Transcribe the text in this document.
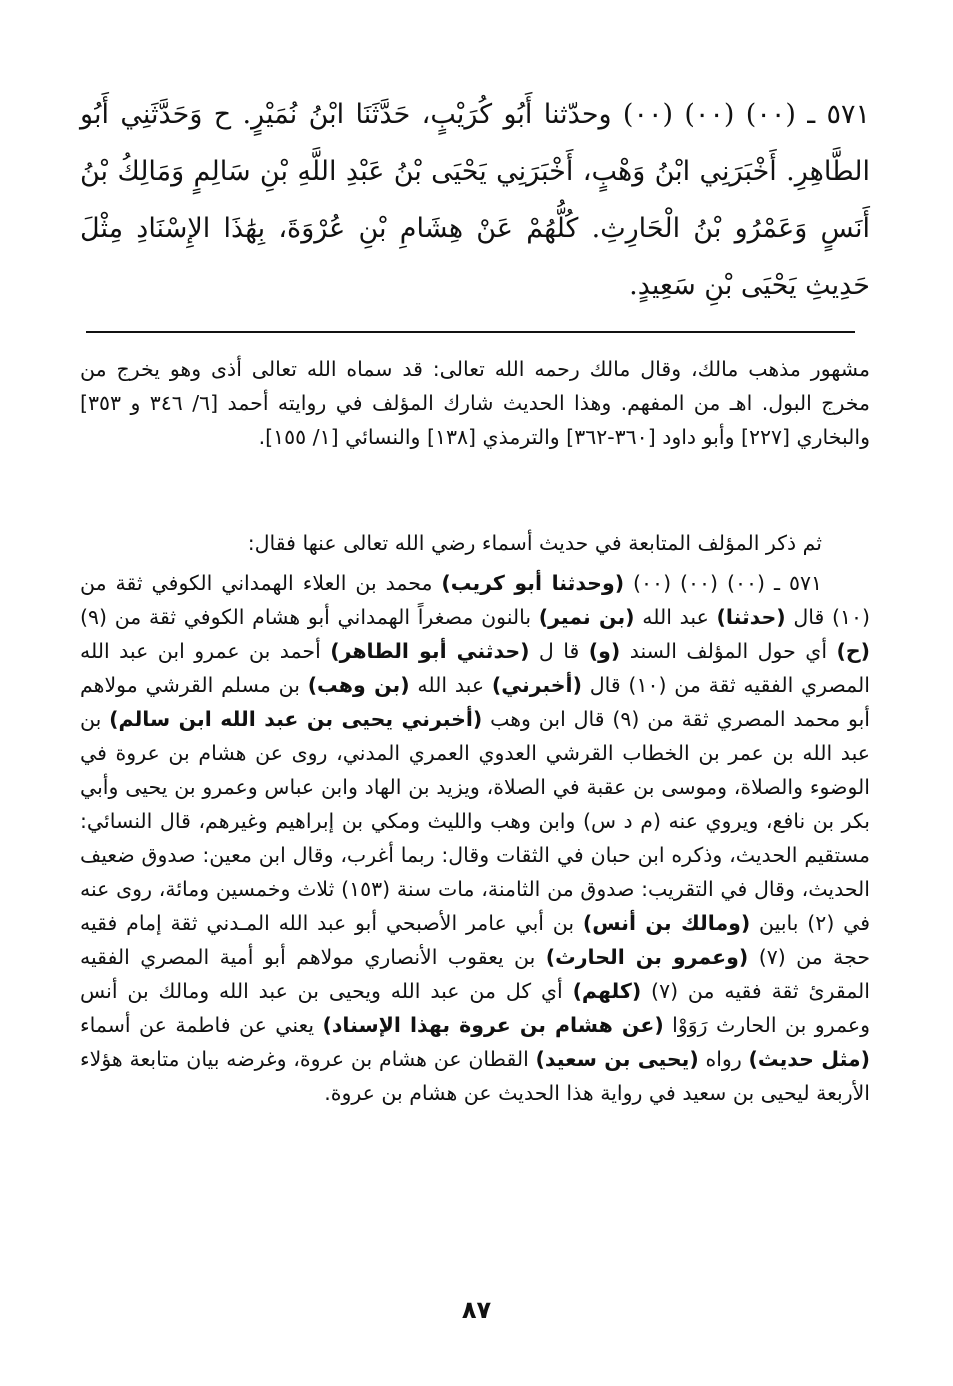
٥٧١ ـ (٠٠) (٠٠) (٠٠) وحدّثنا أَبُو كُرَيْبٍ، حَدَّثَنَا ابْنُ نُمَيْرٍ. ح وَحَدَّثَنِي أَبُو الطَّاهِرِ. أَخْبَرَنِي ابْنُ وَهْبٍ، أَخْبَرَنِي يَحْيَى بْنُ عَبْدِ اللَّهِ بْنِ سَالِمٍ وَمَالِكُ بْنُ أَنَسٍ وَعَمْرُو بْنُ الْحَارِثِ. كُلُّهُمْ عَنْ هِشَامِ بْنِ عُرْوَةَ، بِهَٰذَا الإِسْنَادِ مِثْلَ حَدِيثِ يَحْيَى بْنِ سَعِيدٍ.
مشهور مذهب مالك، وقال مالك رحمه الله تعالى: قد سماه الله تعالى أذى وهو يخرج من مخرج البول. اهـ من المفهم. وهذا الحديث شارك المؤلف في روايته أحمد [٦/ ٣٤٦ و ٣٥٣] والبخاري [٢٢٧] وأبو داود [٣٦٠-٣٦٢] والترمذي [١٣٨] والنسائي [١/ ١٥٥].
ثم ذكر المؤلف المتابعة في حديث أسماء رضي الله تعالى عنها فقال:
٥٧١ ـ (٠٠) (٠٠) (٠٠) (وحدثنا أبو كريب) محمد بن العلاء الهمداني الكوفي ثقة من (١٠) قال (حدثنا) عبد الله (بن نمير) بالنون مصغراً الهمداني أبو هشام الكوفي ثقة من (٩) (ح) أي حول المؤلف السند (و) قا ل (حدثني أبو الطاهر) أحمد بن عمرو ابن عبد الله المصري الفقيه ثقة من (١٠) قال (أخبرني) عبد الله (بن وهب) بن مسلم القرشي مولاهم أبو محمد المصري ثقة من (٩) قال ابن وهب (أخبرني يحيى بن عبد الله ابن سالم) بن عبد الله بن عمر بن الخطاب القرشي العدوي العمري المدني، روى عن هشام بن عروة في الوضوء والصلاة، وموسى بن عقبة في الصلاة، ويزيد بن الهاد وابن عباس وعمرو بن يحيى وأبي بكر بن نافع، ويروي عنه (م د س) وابن وهب والليث ومكي بن إبراهيم وغيرهم، قال النسائي: مستقيم الحديث، وذكره ابن حبان في الثقات وقال: ربما أغرب، وقال ابن معين: صدوق ضعيف الحديث، وقال في التقريب: صدوق من الثامنة، مات سنة (١٥٣) ثلاث وخمسين ومائة، روى عنه في (٢) بابين (ومالك بن أنس) بن أبي عامر الأصبحي أبو عبد الله المـدني ثقة إمام فقيه حجة من (٧) (وعمرو بن الحارث) بن يعقوب الأنصاري مولاهم أبو أمية المصري الفقيه المقرئ ثقة فقيه من (٧) (كلهم) أي كل من عبد الله ويحيى بن عبد الله ومالك بن أنس وعمرو بن الحارث رَوَوْا (عن هشام بن عروة بهذا الإسناد) يعني عن فاطمة عن أسماء (مثل حديث) رواه (يحيى بن سعيد) القطان عن هشام بن عروة، وغرضه بيان متابعة هؤلاء الأربعة ليحيى بن سعيد في رواية هذا الحديث عن هشام بن عروة.
٨٧
